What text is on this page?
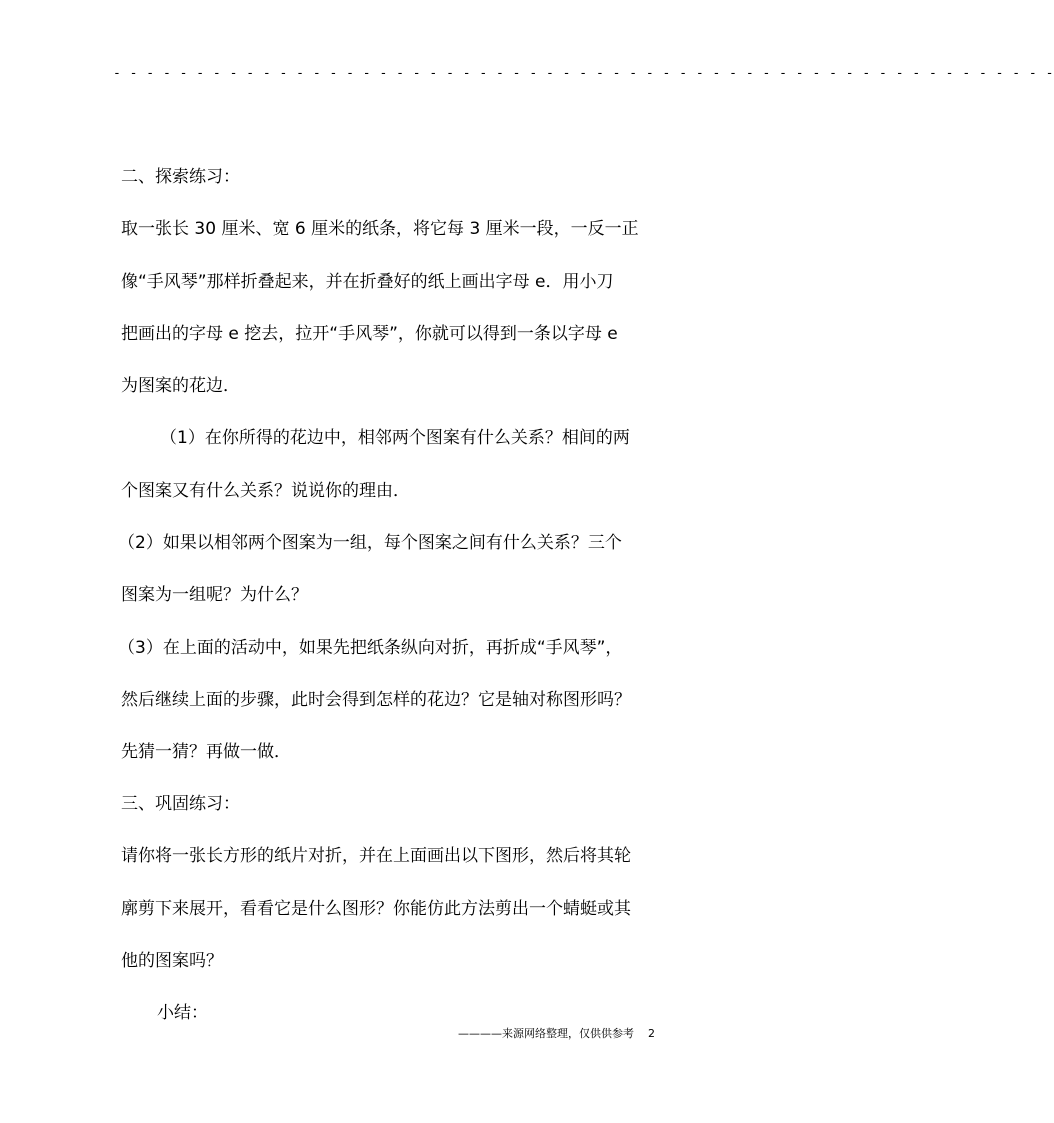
- - - - - - - - - - - - - - - - - - - - - - - - - - - - - - - - - - - - - - - - - - - - - - - - - - - - - - - - -
二、探索练习：
取一张长 30 厘米、宽 6 厘米的纸条，将它每 3 厘米一段，一反一正
像“手风琴”那样折叠起来，并在折叠好的纸上画出字母 e．用小刀
把画出的字母 e 挖去，拉开“手风琴”，你就可以得到一条以字母 e
为图案的花边．
（1）在你所得的花边中，相邻两个图案有什么关系？相间的两
个图案又有什么关系？说说你的理由．
（2）如果以相邻两个图案为一组，每个图案之间有什么关系？三个
图案为一组呢？为什么？
（3）在上面的活动中，如果先把纸条纵向对折，再折成“手风琴”，
然后继续上面的步骤，此时会得到怎样的花边？它是轴对称图形吗？
先猜一猜？再做一做．
三、巩固练习：
请你将一张长方形的纸片对折，并在上面画出以下图形，然后将其轮
廓剪下来展开，看看它是什么图形？你能仿此方法剪出一个蜻蜓或其
他的图案吗？
小结：
————来源网络整理，仅供供参考 2
